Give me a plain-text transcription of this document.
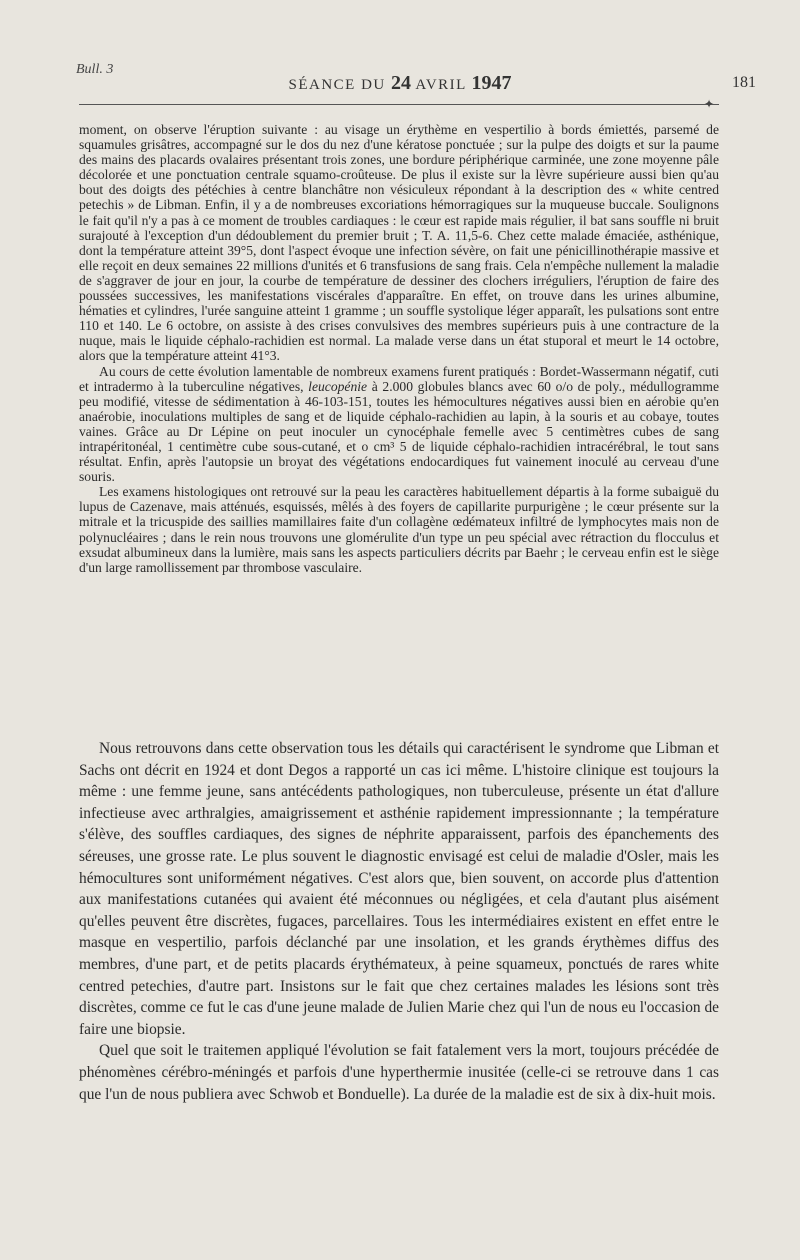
Bull. 3
SÉANCE DU 24 AVRIL 1947	181
✦

moment, on observe l'éruption suivante : au visage un érythème en vespertilio à bords émiettés, parsemé de squamules grisâtres, accompagné sur le dos du nez d'une kératose ponctuée ; sur la pulpe des doigts et sur la paume des mains des placards ovalaires présentant trois zones, une bordure périphérique carminée, une zone moyenne pâle décolorée et une ponctuation centrale squamo-croûteuse. De plus il existe sur la lèvre supérieure aussi bien qu'au bout des doigts des pétéchies à centre blanchâtre non vésiculeux répondant à la description des « white centred petechis » de Libman. Enfin, il y a de nombreuses excoriations hémorragiques sur la muqueuse buccale. Soulignons le fait qu'il n'y a pas à ce moment de troubles cardiaques : le cœur est rapide mais régulier, il bat sans souffle ni bruit surajouté à l'exception d'un dédoublement du premier bruit ; T. A. 11,5-6. Chez cette malade émaciée, asthénique, dont la température atteint 39°5, dont l'aspect évoque une infection sévère, on fait une pénicillinothérapie massive et elle reçoit en deux semaines 22 millions d'unités et 6 transfusions de sang frais. Cela n'empêche nullement la maladie de s'aggraver de jour en jour, la courbe de température de dessiner des clochers irréguliers, l'éruption de faire des poussées successives, les manifestations viscérales d'apparaître. En effet, on trouve dans les urines albumine, hématies et cylindres, l'urée sanguine atteint 1 gramme ; un souffle systolique léger apparaît, les pulsations sont entre 110 et 140. Le 6 octobre, on assiste à des crises convulsives des membres supérieurs puis à une contracture de la nuque, mais le liquide céphalo-rachidien est normal. La malade verse dans un état stuporal et meurt le 14 octobre, alors que la température atteint 41°3.

Au cours de cette évolution lamentable de nombreux examens furent pratiqués : Bordet-Wassermann négatif, cuti et intradermo à la tuberculine négatives, leucopénie à 2.000 globules blancs avec 60 o/o de poly., médullogramme peu modifié, vitesse de sédimentation à 46-103-151, toutes les hémocultures négatives aussi bien en aérobie qu'en anaérobie, inoculations multiples de sang et de liquide céphalo-rachidien au lapin, à la souris et au cobaye, toutes vaines. Grâce au Dr Lépine on peut inoculer un cynocéphale femelle avec 5 centimètres cubes de sang intrapéritonéal, 1 centimètre cube sous-cutané, et o cm³ 5 de liquide céphalo-rachidien intracérébral, le tout sans résultat. Enfin, après l'autopsie un broyat des végétations endocardiques fut vainement inoculé au cerveau d'une souris.

Les examens histologiques ont retrouvé sur la peau les caractères habituellement départis à la forme subaiguë du lupus de Cazenave, mais atténués, esquissés, mêlés à des foyers de capillarite purpurigène ; le cœur présente sur la mitrale et la tricuspide des saillies mamillaires faite d'un collagène œdémateux infiltré de lymphocytes mais non de polynucléaires ; dans le rein nous trouvons une glomérulite d'un type un peu spécial avec rétraction du flocculus et exsudat albumineux dans la lumière, mais sans les aspects particuliers décrits par Baehr ; le cerveau enfin est le siège d'un large ramollissement par thrombose vasculaire.

Nous retrouvons dans cette observation tous les détails qui caractérisent le syndrome que Libman et Sachs ont décrit en 1924 et dont Degos a rapporté un cas ici même. L'histoire clinique est toujours la même : une femme jeune, sans antécédents pathologiques, non tuberculeuse, présente un état d'allure infectieuse avec arthralgies, amaigrissement et asthénie rapidement impressionnante ; la température s'élève, des souffles cardiaques, des signes de néphrite apparaissent, parfois des épanchements des séreuses, une grosse rate. Le plus souvent le diagnostic envisagé est celui de maladie d'Osler, mais les hémocultures sont uniformément négatives. C'est alors que, bien souvent, on accorde plus d'attention aux manifestations cutanées qui avaient été méconnues ou négligées, et cela d'autant plus aisément qu'elles peuvent être discrètes, fugaces, parcellaires. Tous les intermédiaires existent en effet entre le masque en vespertilio, parfois déclanché par une insolation, et les grands érythèmes diffus des membres, d'une part, et de petits placards érythémateux, à peine squameux, ponctués de rares white centred petechies, d'autre part. Insistons sur le fait que chez certaines malades les lésions sont très discrètes, comme ce fut le cas d'une jeune malade de Julien Marie chez qui l'un de nous eu l'occasion de faire une biopsie.

Quel que soit le traitemen appliqué l'évolution se fait fatalement vers la mort, toujours précédée de phénomènes cérébro-méningés et parfois d'une hyperthermie inusitée (celle-ci se retrouve dans 1 cas que l'un de nous publiera avec Schwob et Bonduelle). La durée de la maladie est de six à dix-huit mois.
